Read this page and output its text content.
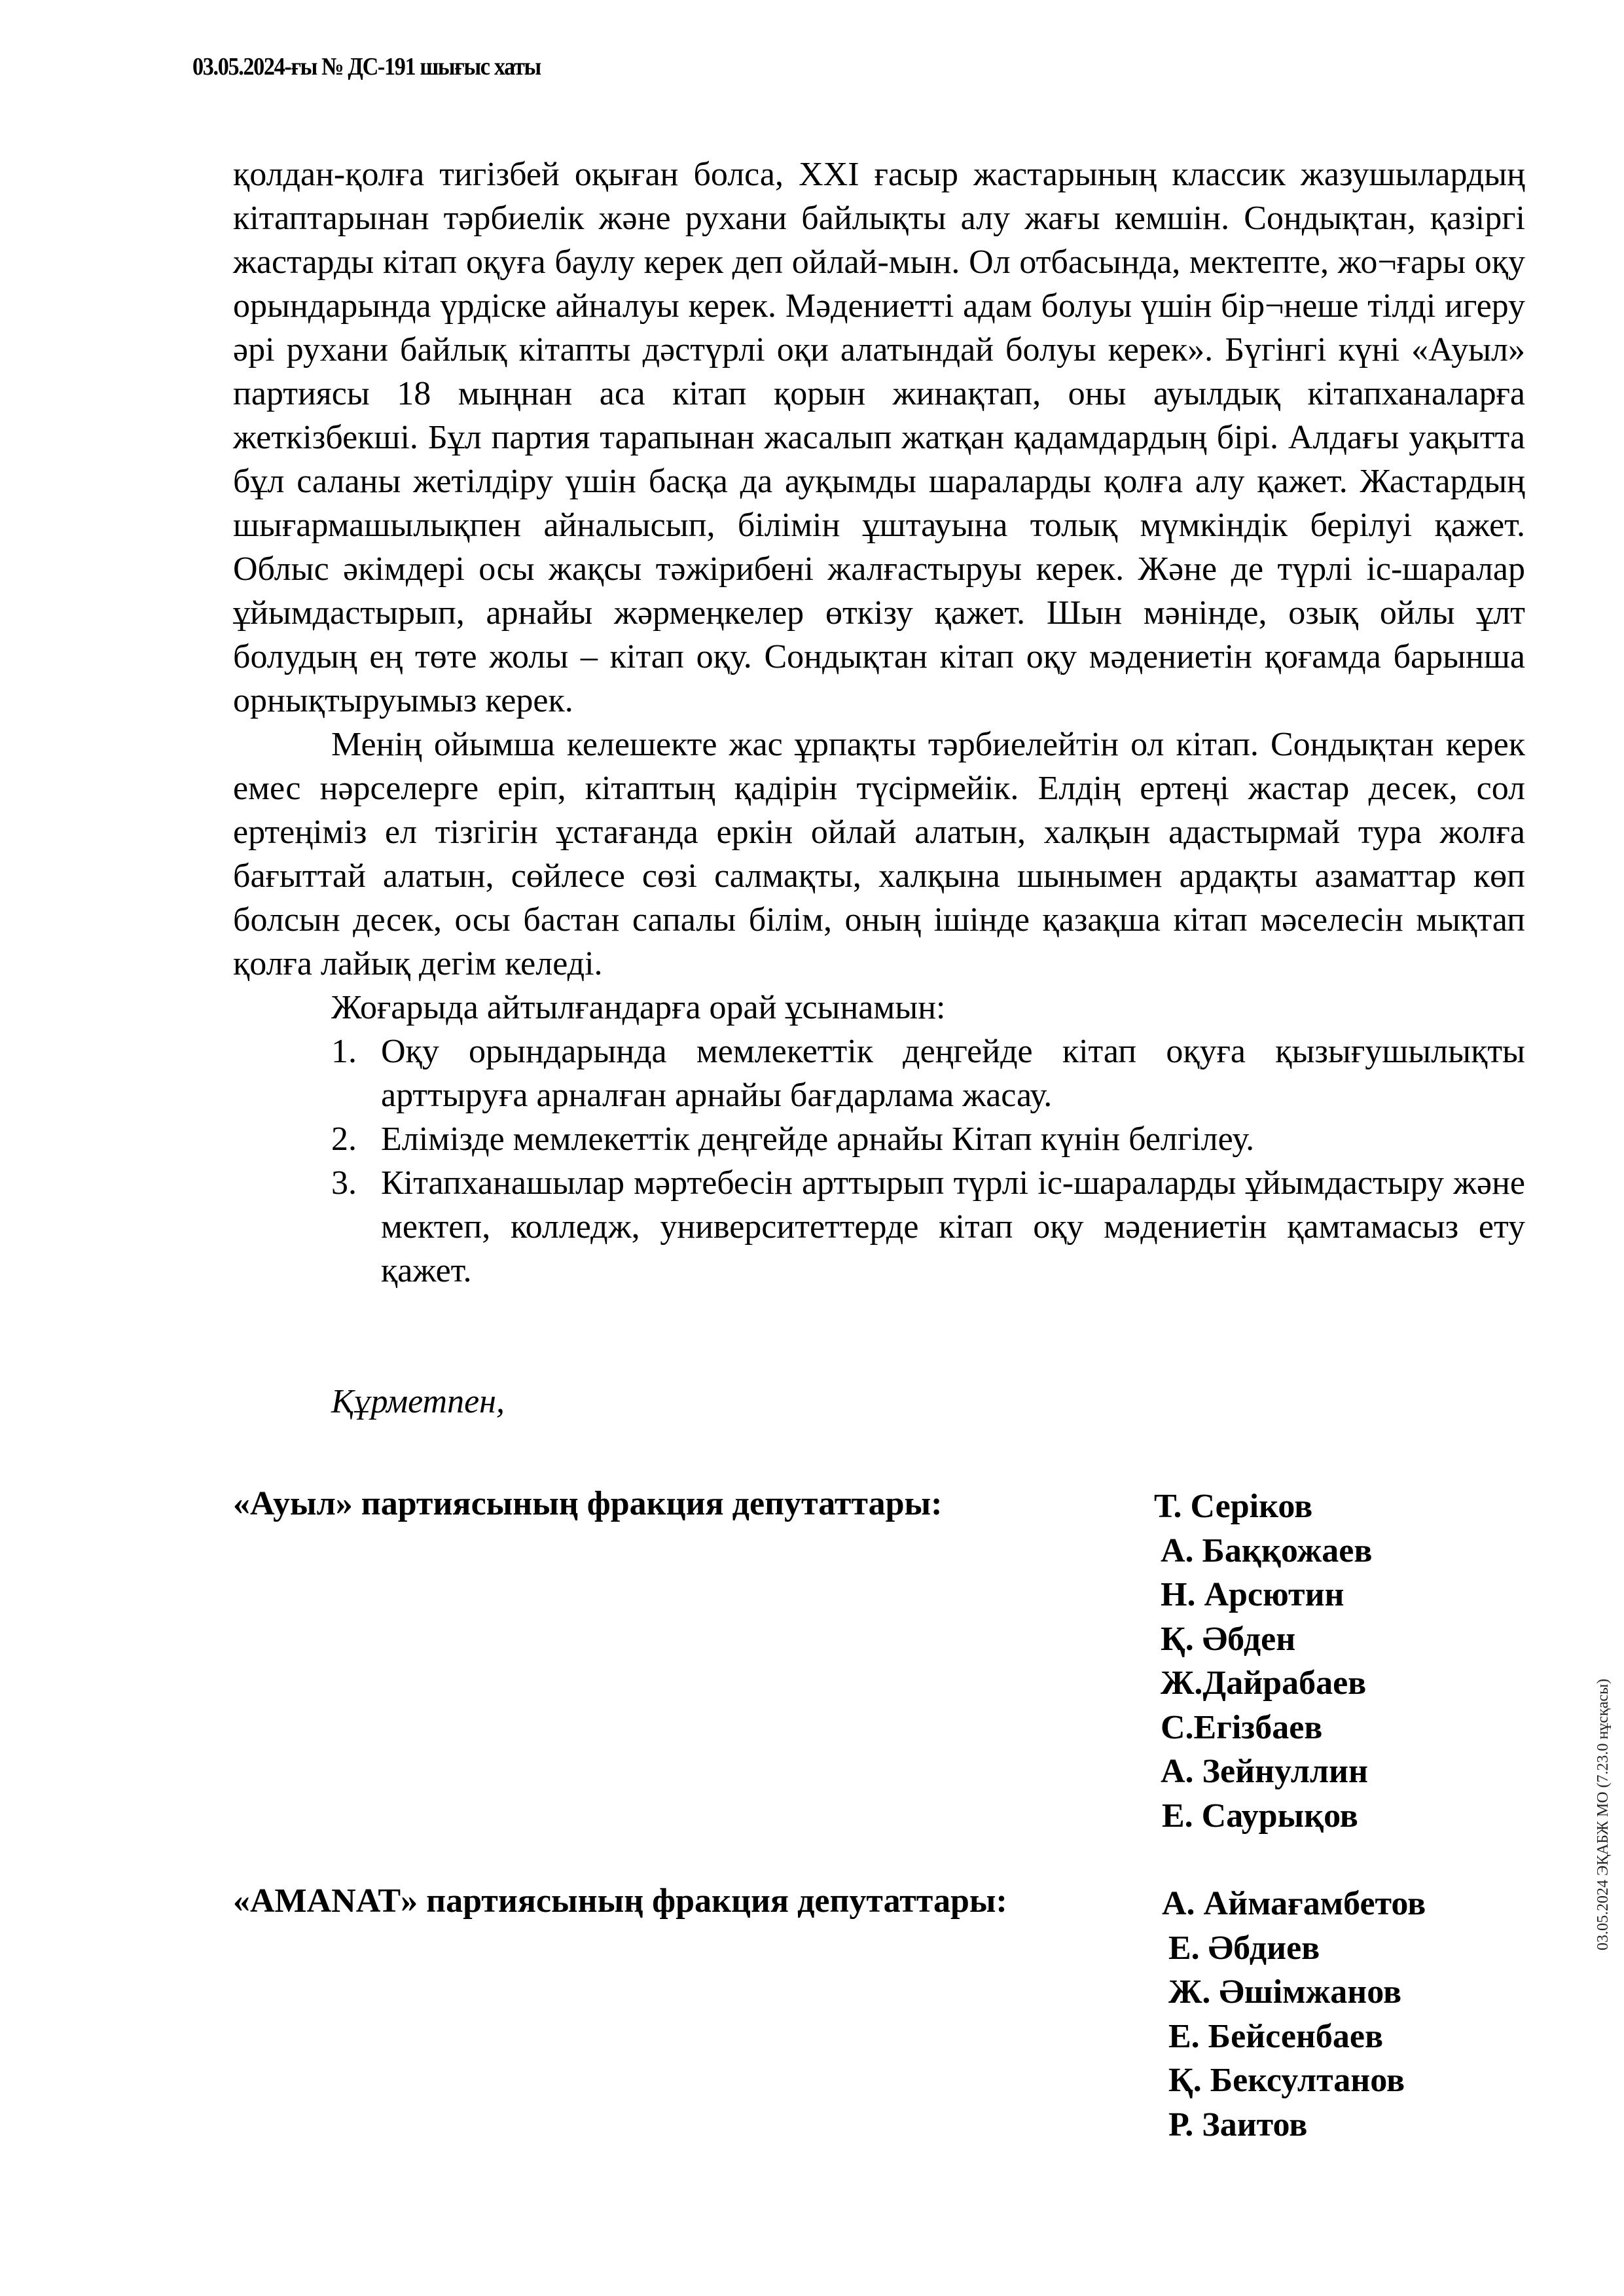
03.05.2024-ғы № ДС-191 шығыс хаты

қолдан-қолға тигізбей оқыған болса, XXI ғасыр жастарының классик жазушылардың кітаптарынан тәрбиелік және рухани байлықты алу жағы кемшін. Сондықтан, қазіргі жастарды кітап оқуға баулу керек деп ойлай-мын. Ол отбасында, мектепте, жо¬ғары оқу орындарында үрдіске айналуы керек. Мәдениетті адам болуы үшін бір¬неше тілді игеру әрі рухани байлық кітапты дәстүрлі оқи алатындай болуы керек». Бүгінгі күні «Ауыл» партиясы 18 мыңнан аса кітап қорын жинақтап, оны ауылдық кітапханаларға жеткізбекші. Бұл партия тарапынан жасалып жатқан қадамдардың бірі. Алдағы уақытта бұл саланы жетілдіру үшін басқа да ауқымды шараларды қолға алу қажет. Жастардың шығармашылықпен айналысып, білімін ұштауына толық мүмкіндік берілуі қажет. Облыс әкімдері осы жақсы тәжірибені жалғастыруы керек. Және де түрлі іс-шаралар ұйымдастырып, арнайы жәрмеңкелер өткізу қажет. Шын мәнінде, озық ойлы ұлт болудың ең төте жолы – кітап оқу. Сондықтан кітап оқу мәдениетін қоғамда барынша орнықтыруымыз керек.

Менің ойымша келешекте жас ұрпақты тәрбиелейтін ол кітап. Сондықтан керек емес нәрселерге еріп, кітаптың қадірін түсірмейік. Елдің ертеңі жастар десек, сол ертеңіміз ел тізгігін ұстағанда еркін ойлай алатын, халқын адастырмай тура жолға бағыттай алатын, сөйлесе сөзі салмақты, халқына шынымен ардақты азаматтар көп болсын десек, осы бастан сапалы білім, оның ішінде қазақша кітап мәселесін мықтап қолға лайық дегім келеді.

Жоғарыда айтылғандарға орай ұсынамын:

1. Оқу орындарында мемлекеттік деңгейде кітап оқуға қызығушылықты арттыруға арналған арнайы бағдарлама жасау.
2. Елімізде мемлекеттік деңгейде арнайы Кітап күнін белгілеу.
3. Кітапханашылар мәртебесін арттырып түрлі іс-шараларды ұйымдастыру және мектеп, колледж, университеттерде кітап оқу мәдениетін қамтамасыз ету қажет.
Құрметпен,
«Ауыл» партиясының фракция депутаттары:	Т. Серіков
А. Баққожаев
Н. Арсютин
Қ. Әбден
Ж.Дайрабаев
С.Егізбаев
А. Зейнуллин
Е. Саурықов
«AMANAT» партиясының фракция депутаттары:	А. Аймағамбетов
Е. Әбдиев
Ж. Әшімжанов
Е. Бейсенбаев
Қ. Бексултанов
Р. Заитов
03.05.2024 ЭҚАБЖ МО (7.23.0 нұсқасы)
